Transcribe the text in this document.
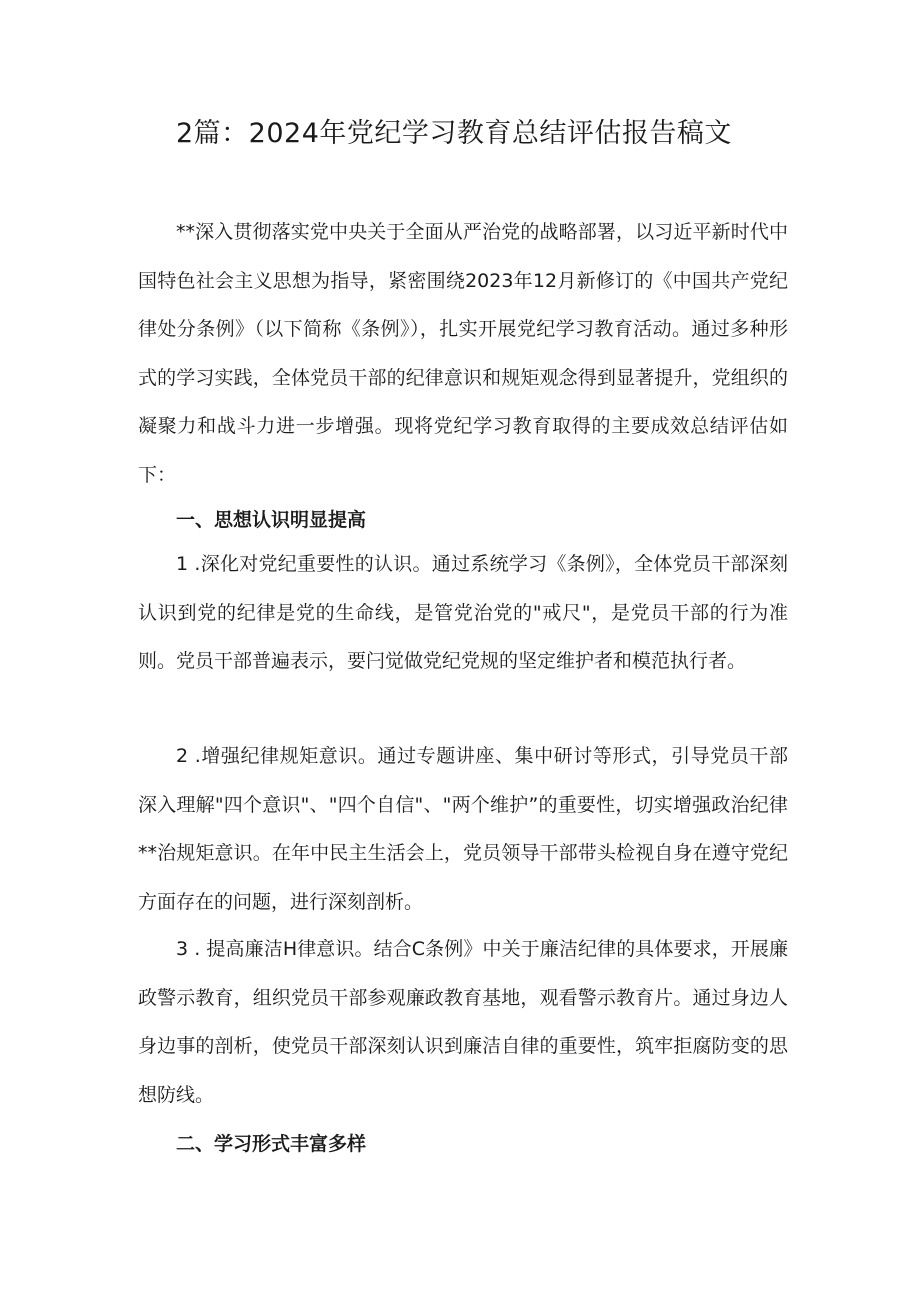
2篇：2024年党纪学习教育总结评估报告稿文

**深入贯彻落实党中央关于全面从严治党的战略部署，以习近平新时代中国特色社会主义思想为指导，紧密围绕2023年12月新修订的《中国共产党纪律处分条例》（以下简称《条例》），扎实开展党纪学习教育活动。通过多种形式的学习实践，全体党员干部的纪律意识和规矩观念得到显著提升，党组织的凝聚力和战斗力进一步增强。现将党纪学习教育取得的主要成效总结评估如下：

一、思想认识明显提高

1 .深化对党纪重要性的认识。通过系统学习《条例》，全体党员干部深刻认识到党的纪律是党的生命线，是管党治党的"戒尺"，是党员干部的行为准则。党员干部普遍表示，要闩觉做党纪党规的坚定维护者和模范执行者。

2 .增强纪律规矩意识。通过专题讲座、集中研讨等形式，引导党员干部深入理解"四个意识"、"四个自信"、"两个维护”的重要性，切实增强政治纪律**治规矩意识。在年中民主生活会上，党员领导干部带头检视自身在遵守党纪方面存在的问题，进行深刻剖析。

3 . 提高廉洁H律意识。结合C条例》中关于廉洁纪律的具体要求，开展廉政警示教育，组织党员干部参观廉政教育基地，观看警示教育片。通过身边人身边事的剖析，使党员干部深刻认识到廉洁自律的重要性，筑牢拒腐防变的思想防线。

二、学习形式丰富多样
